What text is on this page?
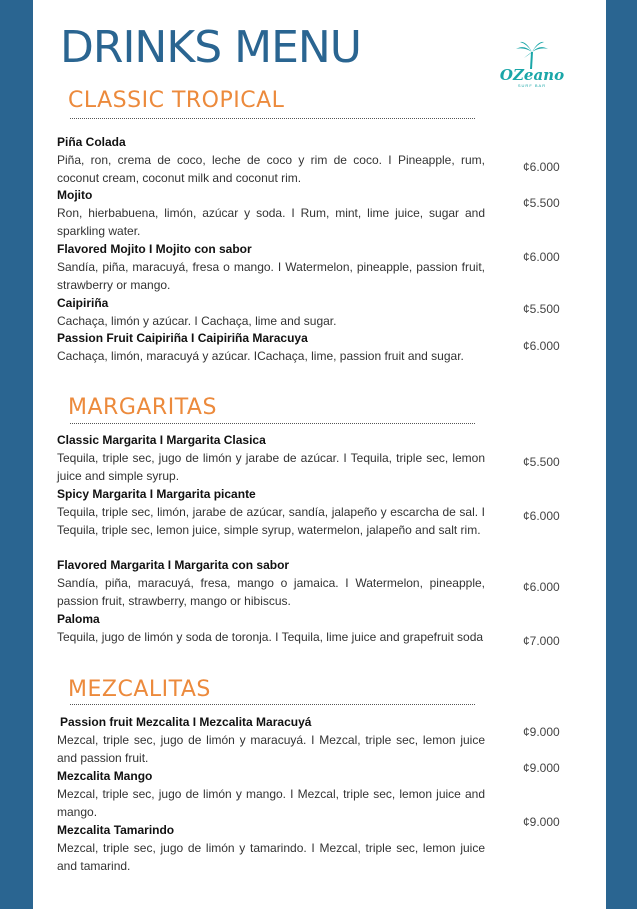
DRINKS MENU
OZeano
SURF BAR
CLASSIC TROPICAL
Piña Colada
Piña, ron, crema de coco, leche de coco y rim de coco. I Pineapple, rum, coconut cream, coconut milk and coconut rim.
¢6.000
Mojito
Ron, hierbabuena, limón, azúcar y soda. I Rum, mint, lime juice, sugar and sparkling water.
¢5.500
Flavored Mojito I Mojito con sabor
Sandía, piña, maracuyá, fresa o mango. I Watermelon, pineapple, passion fruit, strawberry or mango.
¢6.000
Caipiriña
Cachaça, limón y azúcar. I Cachaça, lime and sugar.
¢5.500
Passion Fruit Caipiriña I Caipiriña Maracuya
Cachaça, limón, maracuyá y azúcar. ICachaça, lime, passion fruit and sugar.
¢6.000
MARGARITAS
Classic Margarita I Margarita Clasica
Tequila, triple sec, jugo de limón y jarabe de azúcar. I Tequila, triple sec, lemon juice and simple syrup.
¢5.500
Spicy Margarita I Margarita picante
Tequila, triple sec, limón, jarabe de azúcar, sandía, jalapeño y escarcha de sal. I Tequila, triple sec, lemon juice, simple syrup, watermelon, jalapeño and salt rim.
¢6.000
Flavored Margarita I Margarita con sabor
Sandía, piña, maracuyá, fresa, mango o jamaica. I Watermelon, pineapple, passion fruit, strawberry, mango or hibiscus.
¢6.000
Paloma
Tequila, jugo de limón y soda de toronja. I Tequila, lime juice and grapefruit soda	¢7.000
MEZCALITAS
Passion fruit Mezcalita I Mezcalita Maracuyá
Mezcal, triple sec, jugo de limón y maracuyá. I Mezcal, triple sec, lemon juice and passion fruit.
¢9.000
Mezcalita Mango
Mezcal, triple sec, jugo de limón y mango. I Mezcal, triple sec, lemon juice and mango.
¢9.000
Mezcalita Tamarindo
Mezcal, triple sec, jugo de limón y tamarindo. I Mezcal, triple sec, lemon juice and tamarind.
¢9.000
